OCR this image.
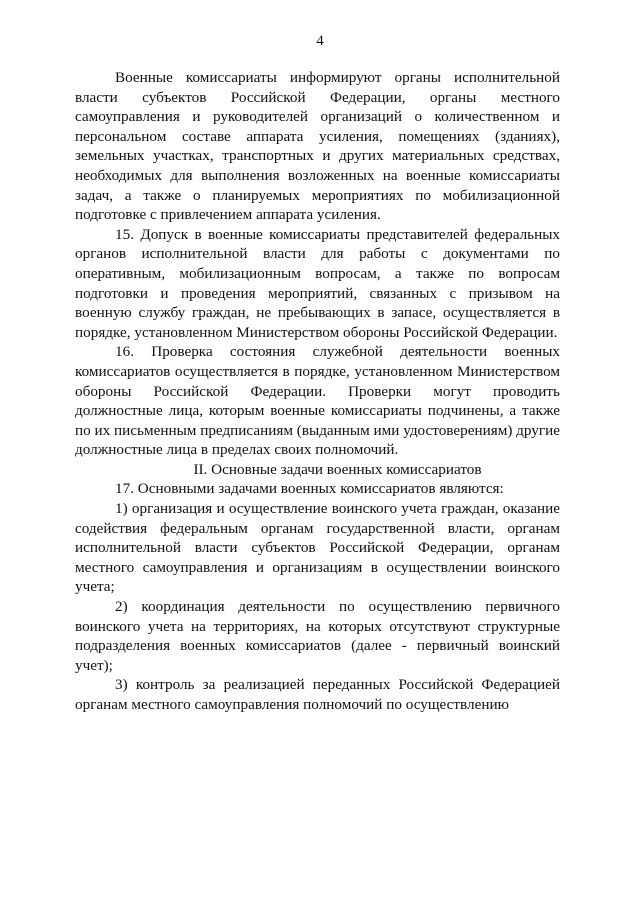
4

Военные комиссариаты информируют органы исполнительной власти субъектов Российской Федерации, органы местного самоуправления и руководителей организаций о количественном и персональном составе аппарата усиления, помещениях (зданиях), земельных участках, транспортных и других материальных средствах, необходимых для выполнения возложенных на военные комиссариаты задач, а также о планируемых мероприятиях по мобилизационной подготовке с привлечением аппарата усиления.

15. Допуск в военные комиссариаты представителей федеральных органов исполнительной власти для работы с документами по оперативным, мобилизационным вопросам, а также по вопросам подготовки и проведения мероприятий, связанных с призывом на военную службу граждан, не пребывающих в запасе, осуществляется в порядке, установленном Министерством обороны Российской Федерации.

16. Проверка состояния служебной деятельности военных комиссариатов осуществляется в порядке, установленном Министерством обороны Российской Федерации. Проверки могут проводить должностные лица, которым военные комиссариаты подчинены, а также по их письменным предписаниям (выданным ими удостоверениям) другие должностные лица в пределах своих полномочий.

II. Основные задачи военных комиссариатов

17. Основными задачами военных комиссариатов являются:

1) организация и осуществление воинского учета граждан, оказание содействия федеральным органам государственной власти, органам исполнительной власти субъектов Российской Федерации, органам местного самоуправления и организациям в осуществлении воинского учета;

2) координация деятельности по осуществлению первичного воинского учета на территориях, на которых отсутствуют структурные подразделения военных комиссариатов (далее - первичный воинский учет);

3) контроль за реализацией переданных Российской Федерацией органам местного самоуправления полномочий по осуществлению
